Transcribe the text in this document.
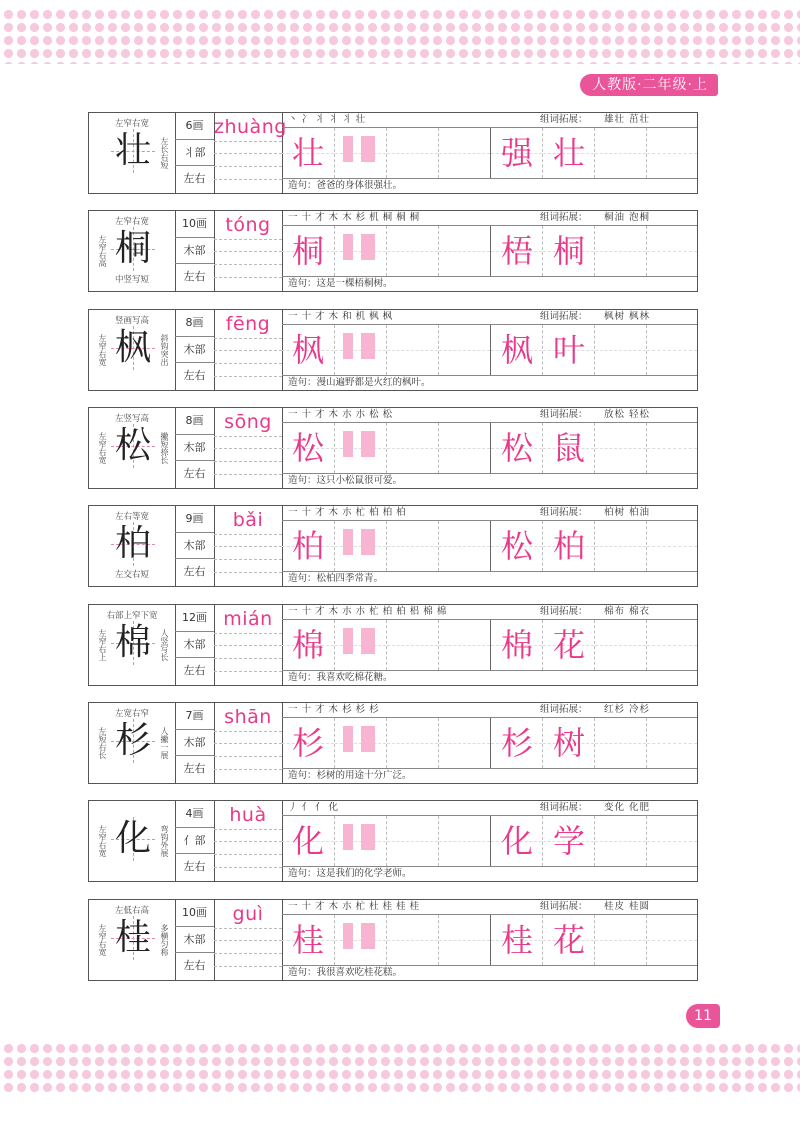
人教版·二年级·上
左窄右宽
壮	左长右短
6画
丬部
左右
zhuàng 丶 冫 丬 丬 丬 壮	组词拓展： 雄壮 茁壮
壮	强 壮
造句：爸爸的身体很强壮。
左窄右宽
左窄右高 桐
中竖写短
10画
木部
左右
tóng	一 十 才 木 木 杉 机 桐 桐 桐	组词拓展： 桐油 泡桐
桐	梧 桐
造句：这是一棵梧桐树。
竖画写高
左窄右宽 枫	斜钩突出
8画
木部
左右
fēng	一 十 才 木 和 机 枫 枫	组词拓展： 枫树 枫林
枫	枫 叶
造句：漫山遍野都是火红的枫叶。
左竖写高
左窄右宽 松	撇短捺长
8画
木部
左右
sōng	一 十 才 木 朩 朩 松 松	组词拓展： 放松 轻松
松	松 鼠
造句：这只小松鼠很可爱。
左右等宽
柏
左交右短
9画
木部
左右
bǎi	一 十 才 木 朩 杧 柏 柏 柏	组词拓展： 柏树 柏油
柏	松 柏
造句：松柏四季常青。
右部上窄下宽
左窄右上 棉	人竖写长
12画
木部
左右
mián	一 十 才 木 朩 朩 杧 柏 柏 梠 棉 棉	组词拓展： 棉布 棉衣
棉	棉 花
造句：我喜欢吃棉花糖。
左宽右窄
左短右长 杉	人撇一展
7画
木部
左右
shān	一 十 才 木 杉 杉 杉	组词拓展： 红杉 冷杉
杉	杉 树
造句：杉树的用途十分广泛。
左窄右宽 化	弯钩外展
4画
亻部
左右
huà	丿 亻 亻 化	组词拓展： 变化 化肥
化	化 学
造句：这是我们的化学老师。
左低右高
左窄右宽 桂	多横匀称
10画
木部
左右
guì	一 十 才 木 朩 杧 杜 桂 桂 桂	组词拓展： 桂皮 桂圆
桂	桂 花
造句：我很喜欢吃桂花糕。
11
